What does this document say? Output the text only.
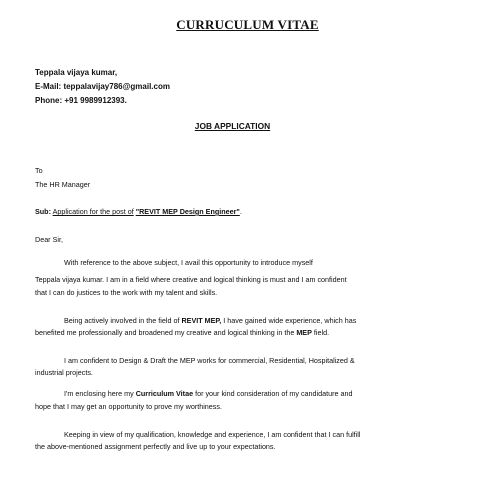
CURRUCULUM VITAE
Teppala vijaya kumar,
E-Mail: teppalavijay786@gmail.com
Phone: +91 9989912393.
JOB APPLICATION
To
The HR Manager
Sub: Application for the post of "REVIT MEP Design Engineer".
Dear Sir,
With reference to the above subject, I avail this opportunity to introduce myself
Teppala vijaya kumar. I am in a field where creative and logical thinking is must and I am confident
that I can do justices to the work with my talent and skills.
Being actively involved in the field of REVIT MEP, I have gained wide experience, which has
benefited me professionally and broadened my creative and logical thinking in the MEP field.
I am confident to Design & Draft the MEP works for commercial, Residential, Hospitalized &
industrial projects.
I'm enclosing here my Curriculum Vitae for your kind consideration of my candidature and
hope that I may get an opportunity to prove my worthiness.
Keeping in view of my qualification, knowledge and experience, I am confident that I can fulfill
the above-mentioned assignment perfectly and live up to your expectations.
